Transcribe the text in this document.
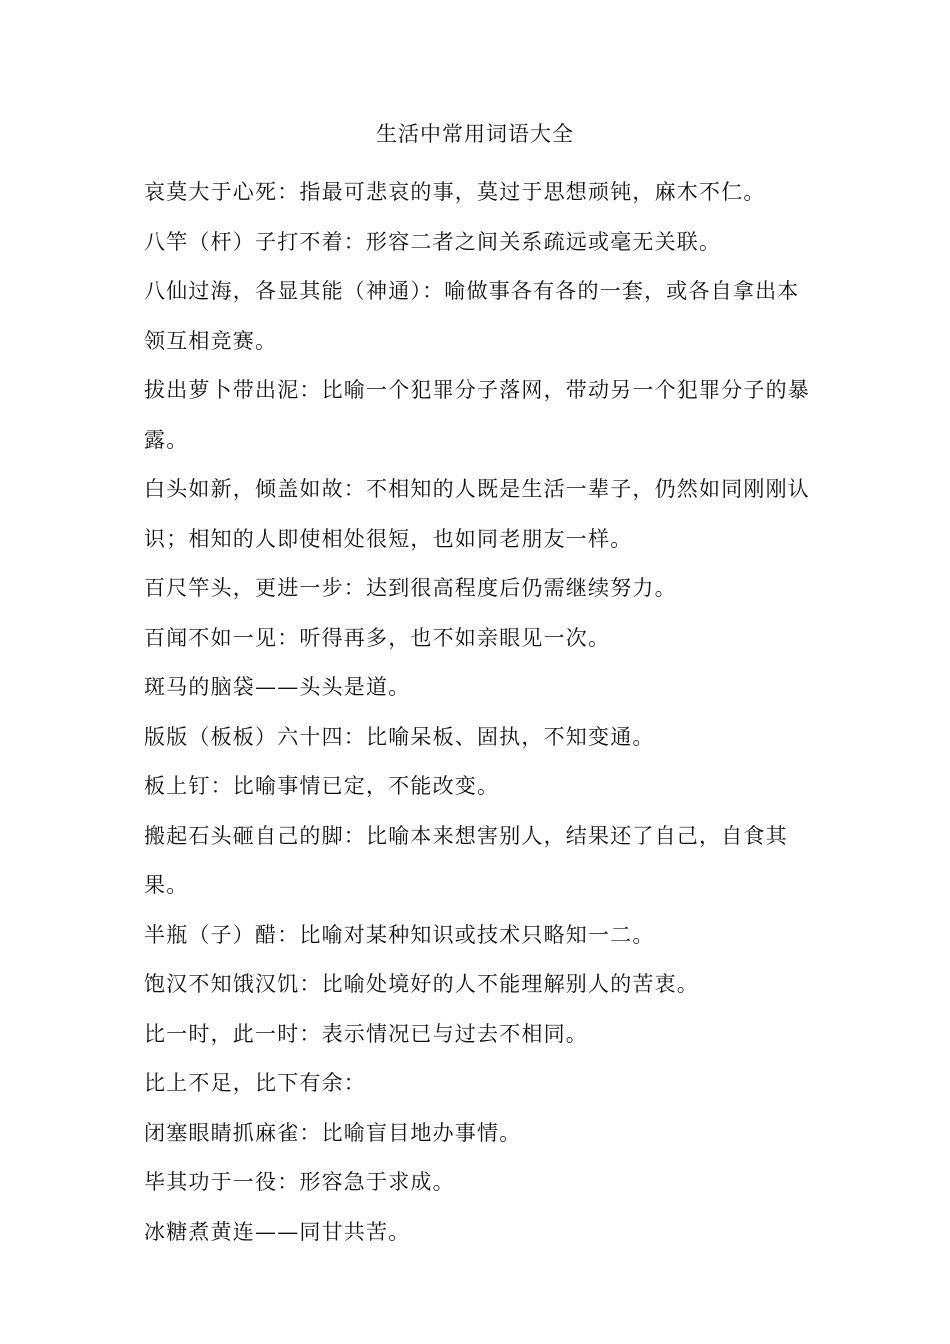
生活中常用词语大全
哀莫大于心死：指最可悲哀的事，莫过于思想顽钝，麻木不仁。
八竿（杆）子打不着：形容二者之间关系疏远或毫无关联。
八仙过海，各显其能（神通）：喻做事各有各的一套，或各自拿出本领互相竞赛。
拔出萝卜带出泥：比喻一个犯罪分子落网，带动另一个犯罪分子的暴露。
白头如新，倾盖如故：不相知的人既是生活一辈子，仍然如同刚刚认识；相知的人即使相处很短，也如同老朋友一样。
百尺竿头，更进一步：达到很高程度后仍需继续努力。
百闻不如一见：听得再多，也不如亲眼见一次。
斑马的脑袋——头头是道。
版版（板板）六十四：比喻呆板、固执，不知变通。
板上钉：比喻事情已定，不能改变。
搬起石头砸自己的脚：比喻本来想害别人，结果还了自己，自食其果。
半瓶（子）醋：比喻对某种知识或技术只略知一二。
饱汉不知饿汉饥：比喻处境好的人不能理解别人的苦衷。
比一时，此一时：表示情况已与过去不相同。
比上不足，比下有余：
闭塞眼睛抓麻雀：比喻盲目地办事情。
毕其功于一役：形容急于求成。
冰糖煮黄连——同甘共苦。
